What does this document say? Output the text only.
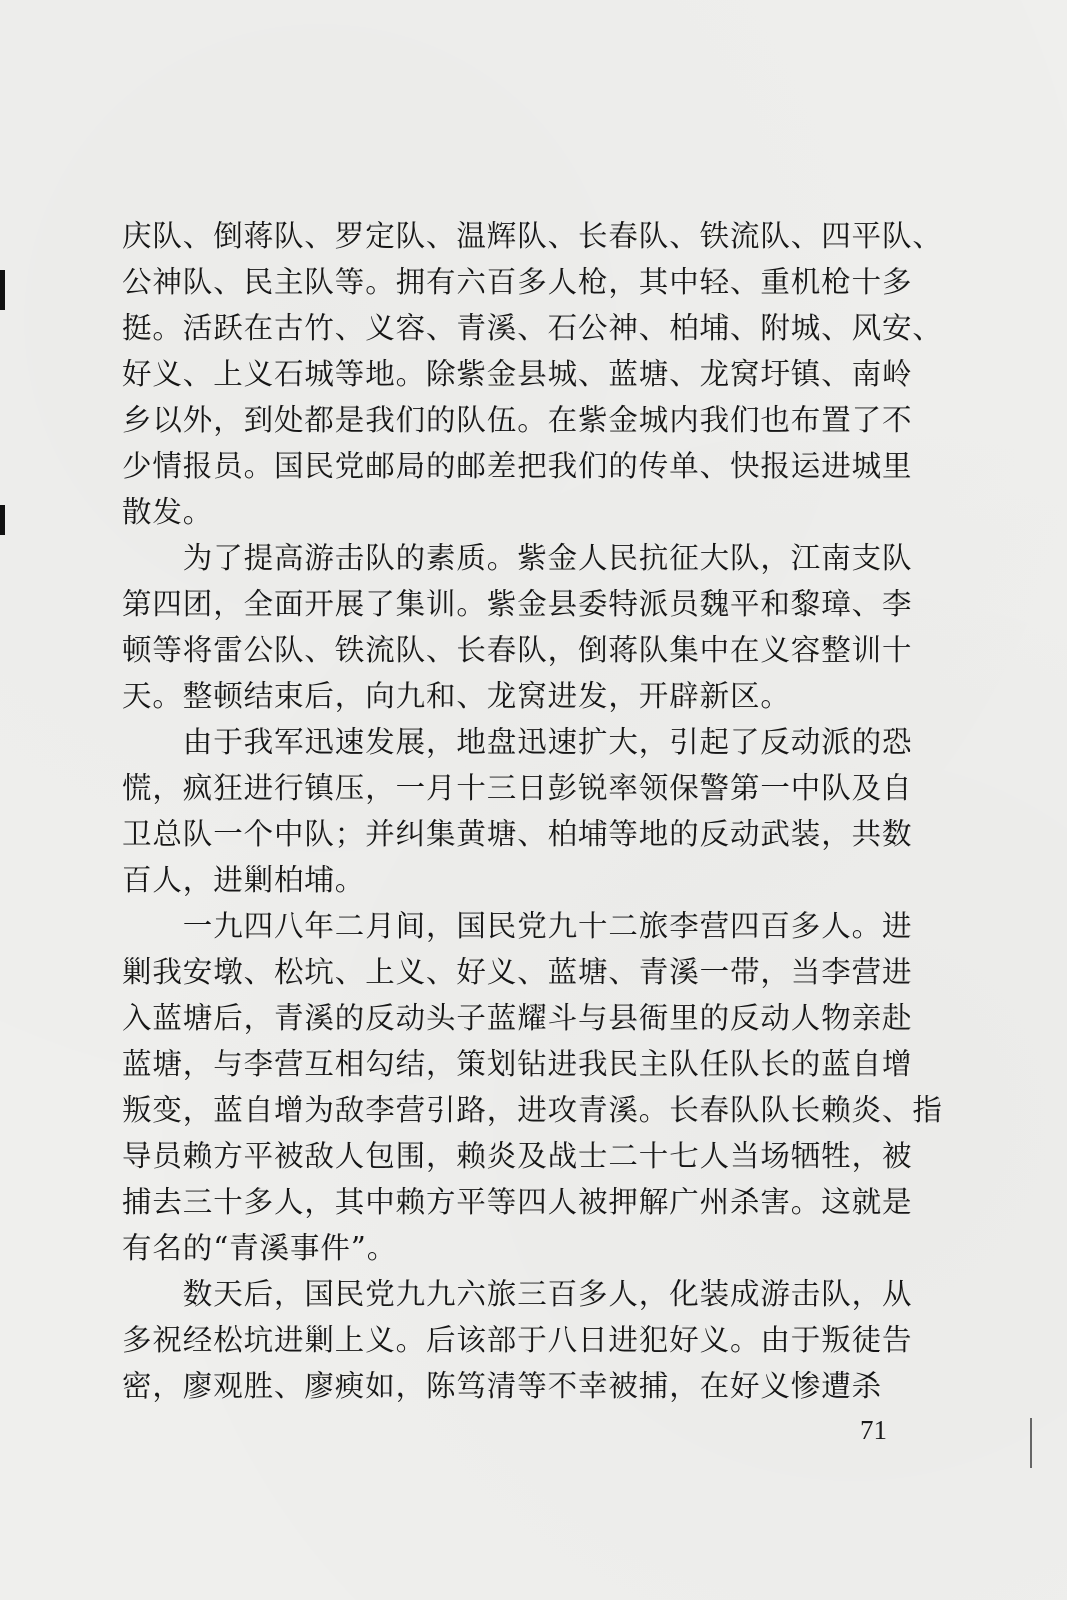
庆队、倒蒋队、罗定队、温辉队、长春队、铁流队、四平队、
公神队、民主队等。拥有六百多人枪，其中轻、重机枪十多
挺。活跃在古竹、义容、青溪、石公神、柏埔、附城、风安、
好义、上义石城等地。除紫金县城、蓝塘、龙窝圩镇、南岭
乡以外，到处都是我们的队伍。在紫金城内我们也布置了不
少情报员。国民党邮局的邮差把我们的传单、快报运进城里
散发。
　　为了提高游击队的素质。紫金人民抗征大队，江南支队
第四团，全面开展了集训。紫金县委特派员魏平和黎璋、李
顿等将雷公队、铁流队、长春队，倒蒋队集中在义容整训十
天。整顿结束后，向九和、龙窝进发，开辟新区。
　　由于我军迅速发展，地盘迅速扩大，引起了反动派的恐
慌，疯狂进行镇压，一月十三日彭锐率领保警第一中队及自
卫总队一个中队；并纠集黄塘、柏埔等地的反动武装，共数
百人，进剿柏埔。
　　一九四八年二月间，国民党九十二旅李营四百多人。进
剿我安墩、松坑、上义、好义、蓝塘、青溪一带，当李营进
入蓝塘后，青溪的反动头子蓝耀斗与县衙里的反动人物亲赴
蓝塘，与李营互相勾结，策划钻进我民主队任队长的蓝自增
叛变，蓝自增为敌李营引路，进攻青溪。长春队队长赖炎、指
导员赖方平被敌人包围，赖炎及战士二十七人当场牺牲，被
捕去三十多人，其中赖方平等四人被押解广州杀害。这就是
有名的“青溪事件”。
　　数天后，国民党九九六旅三百多人，化装成游击队，从
多祝经松坑进剿上义。后该部于八日进犯好义。由于叛徒告
密，廖观胜、廖瘐如，陈笃清等不幸被捕，在好义惨遭杀
71
